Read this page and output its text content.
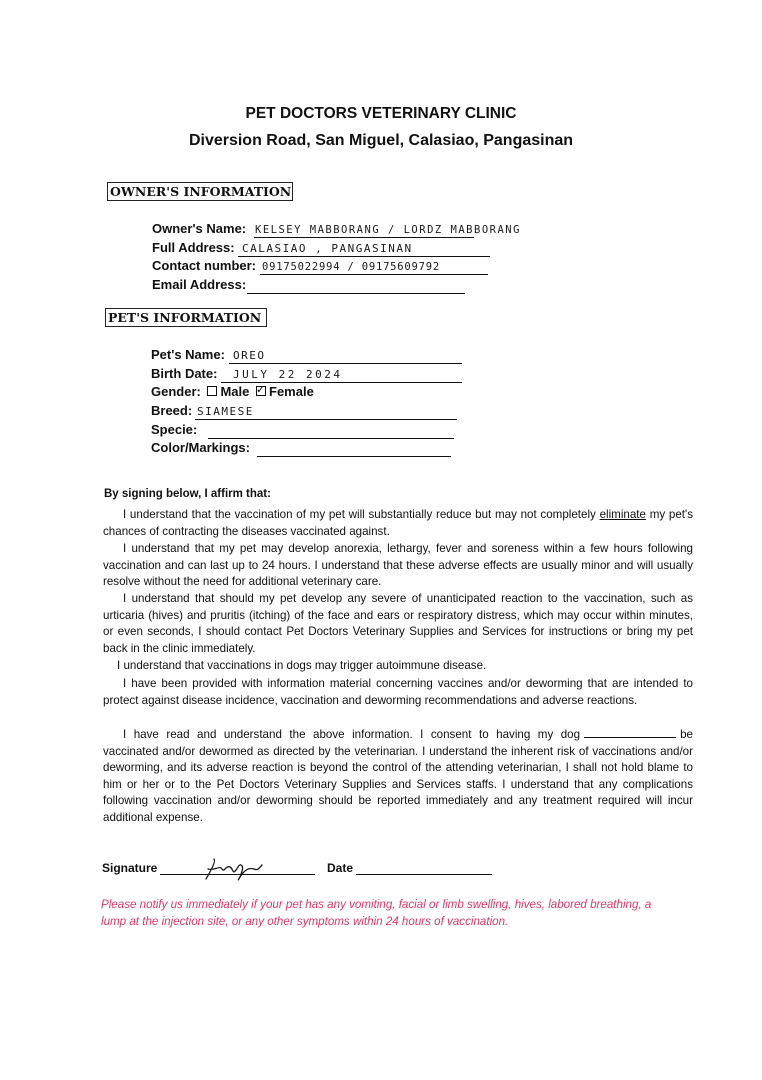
PET DOCTORS VETERINARY CLINIC
Diversion Road, San Miguel, Calasiao, Pangasinan
OWNER'S INFORMATION
Owner's Name: KELSEY MABBORANG / LORDZ MABBORANG
Full Address: CALASIAO , PANGASINAN
Contact number: 09175022994 / 09175609792
Email Address:
PET'S INFORMATION
Pet's Name: OREO
Birth Date: JULY 22 2024
Gender: Male ✓ Female
Breed: SIAMESE
Specie:
Color/Markings:
By signing below, I affirm that:
I understand that the vaccination of my pet will substantially reduce but may not completely eliminate my pet's chances of contracting the diseases vaccinated against.
I understand that my pet may develop anorexia, lethargy, fever and soreness within a few hours following vaccination and can last up to 24 hours. I understand that these adverse effects are usually minor and will usually resolve without the need for additional veterinary care.
I understand that should my pet develop any severe of unanticipated reaction to the vaccination, such as urticaria (hives) and pruritis (itching) of the face and ears or respiratory distress, which may occur within minutes, or even seconds, I should contact Pet Doctors Veterinary Supplies and Services for instructions or bring my pet back in the clinic immediately.
I understand that vaccinations in dogs may trigger autoimmune disease.
I have been provided with information material concerning vaccines and/or deworming that are intended to protect against disease incidence, vaccination and deworming recommendations and adverse reactions.
I have read and understand the above information. I consent to having my dog	be vaccinated and/or dewormed as directed by the veterinarian. I understand the inherent risk of vaccinations and/or deworming, and its adverse reaction is beyond the control of the attending veterinarian, I shall not hold blame to him or her or to the Pet Doctors Veterinary Supplies and Services staffs. I understand that any complications following vaccination and/or deworming should be reported immediately and any treatment required will incur additional expense.
Signature	Date
Please notify us immediately if your pet has any vomiting, facial or limb swelling, hives, labored breathing, a lump at the injection site, or any other symptoms within 24 hours of vaccination.
